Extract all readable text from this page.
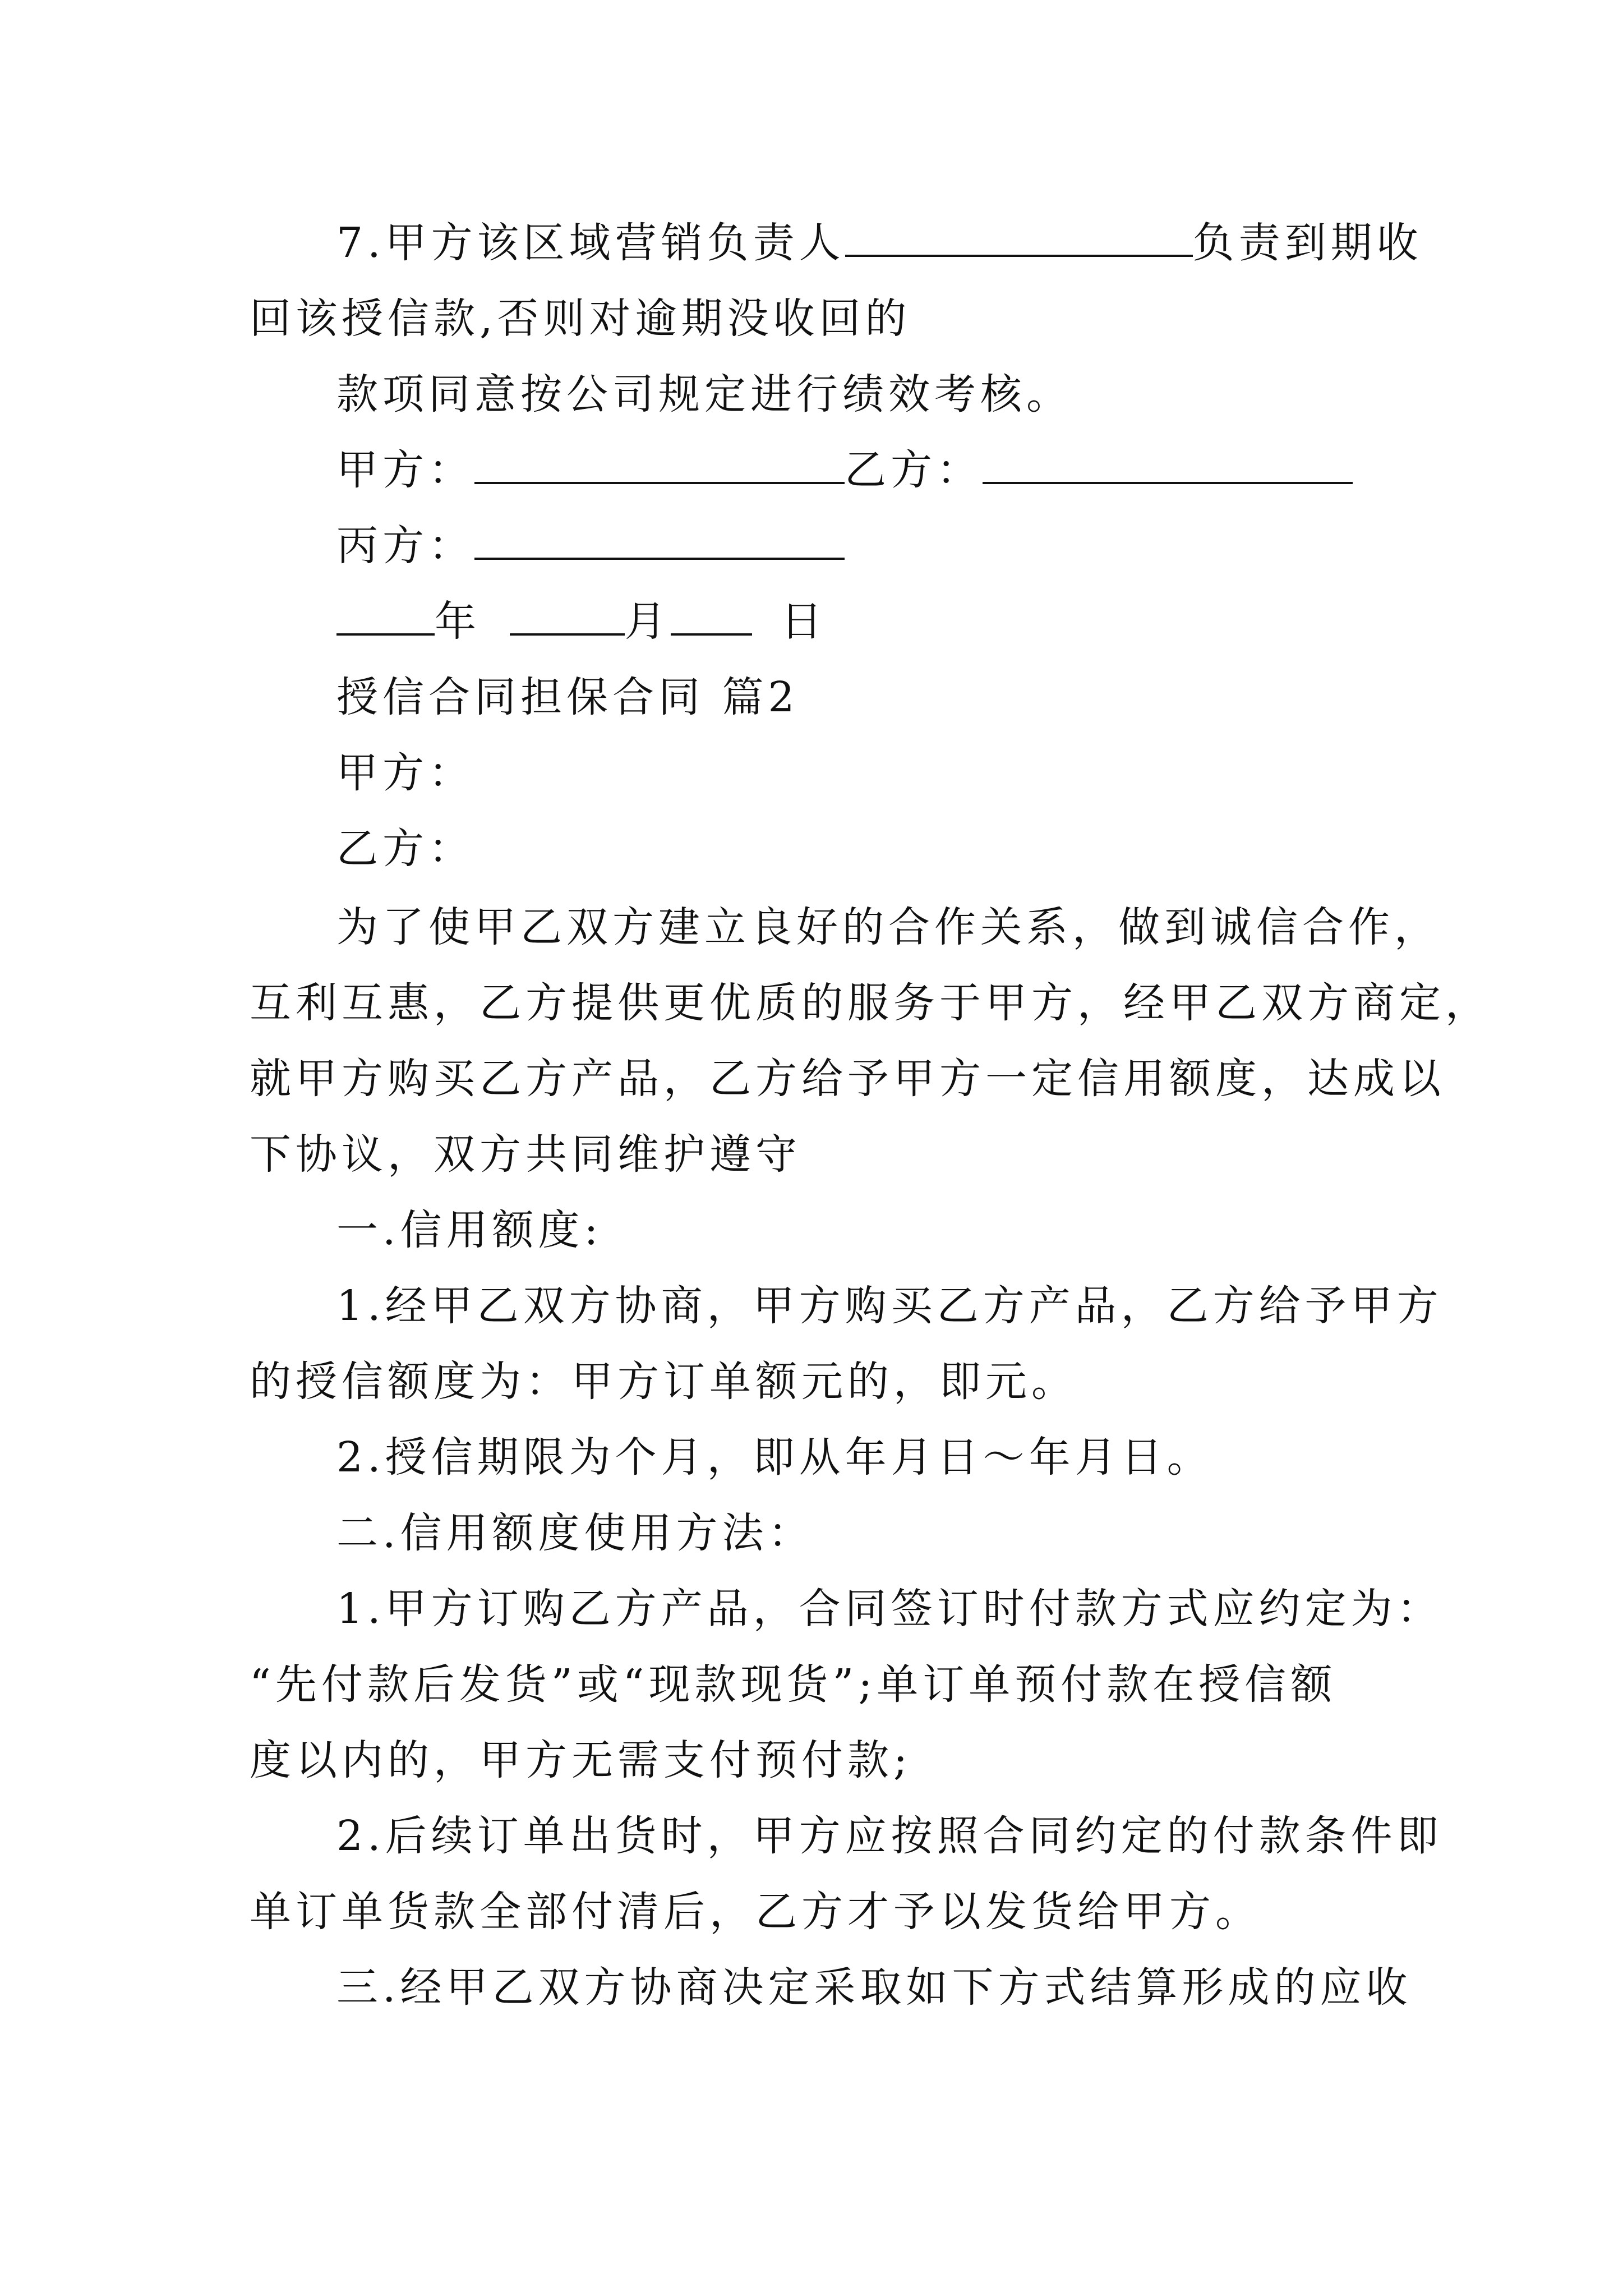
7.甲方该区域营销负责人	负责到期收
回该授信款,否则对逾期没收回的
款项同意按公司规定进行绩效考核。
甲方：	乙方：
丙方：
年	月	日
授信合同担保合同 篇2
甲方：
乙方：
为了使甲乙双方建立良好的合作关系，做到诚信合作，
互利互惠，乙方提供更优质的服务于甲方，经甲乙双方商定，
就甲方购买乙方产品，乙方给予甲方一定信用额度，达成以
下协议，双方共同维护遵守
一.信用额度:
1.经甲乙双方协商，甲方购买乙方产品，乙方给予甲方
的授信额度为：甲方订单额元的，即元。
2.授信期限为个月，即从年月日～年月日。
二.信用额度使用方法：
1.甲方订购乙方产品，合同签订时付款方式应约定为：
“先付款后发货”或“现款现货”;单订单预付款在授信额
度以内的，甲方无需支付预付款;
2.后续订单出货时，甲方应按照合同约定的付款条件即
单订单货款全部付清后，乙方才予以发货给甲方。
三.经甲乙双方协商决定采取如下方式结算形成的应收
